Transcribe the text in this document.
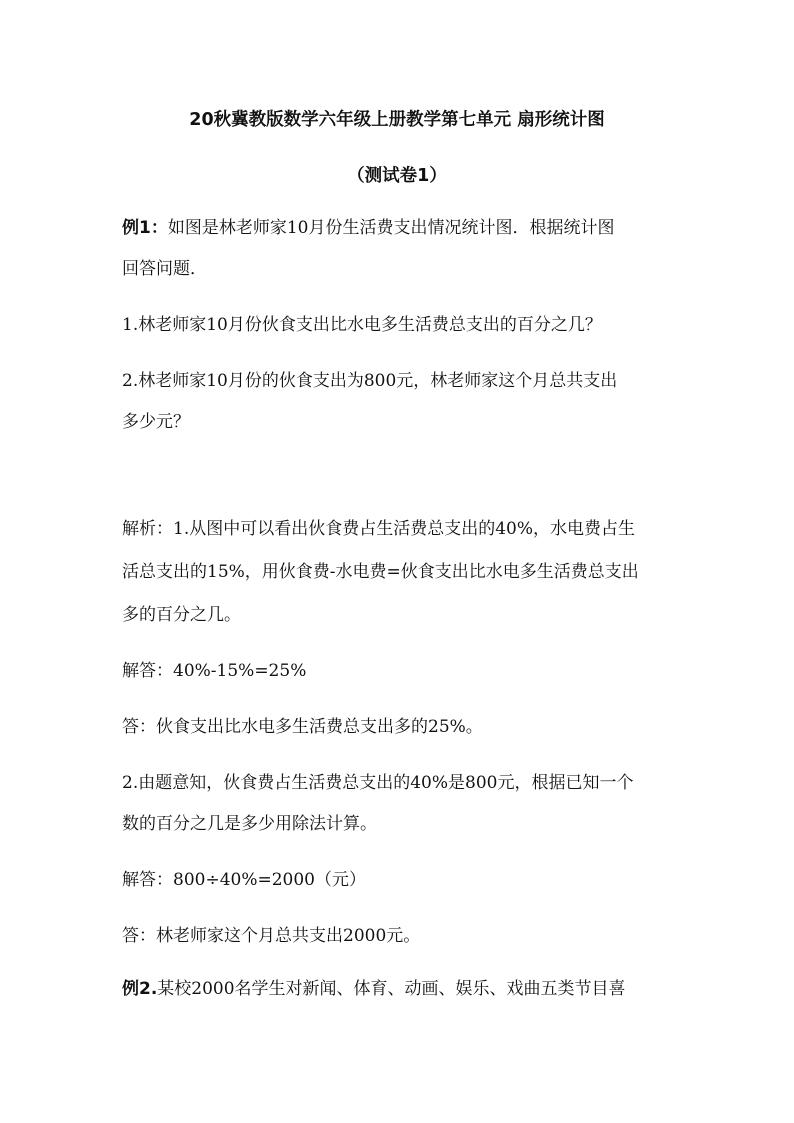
20秋冀教版数学六年级上册教学第七单元 扇形统计图
（测试卷1）

例1：如图是林老师家10月份生活费支出情况统计图．根据统计图

回答问题．

1.林老师家10月份伙食支出比水电多生活费总支出的百分之几？

2.林老师家10月份的伙食支出为800元，林老师家这个月总共支出

多少元？

解析：1.从图中可以看出伙食费占生活费总支出的40%，水电费占生

活总支出的15%，用伙食费-水电费=伙食支出比水电多生活费总支出

多的百分之几。

解答：40%-15%=25%

答：伙食支出比水电多生活费总支出多的25%。

2.由题意知，伙食费占生活费总支出的40%是800元，根据已知一个

数的百分之几是多少用除法计算。

解答：800÷40%=2000（元）

答：林老师家这个月总共支出2000元。

例2.某校2000名学生对新闻、体育、动画、娱乐、戏曲五类节目喜
